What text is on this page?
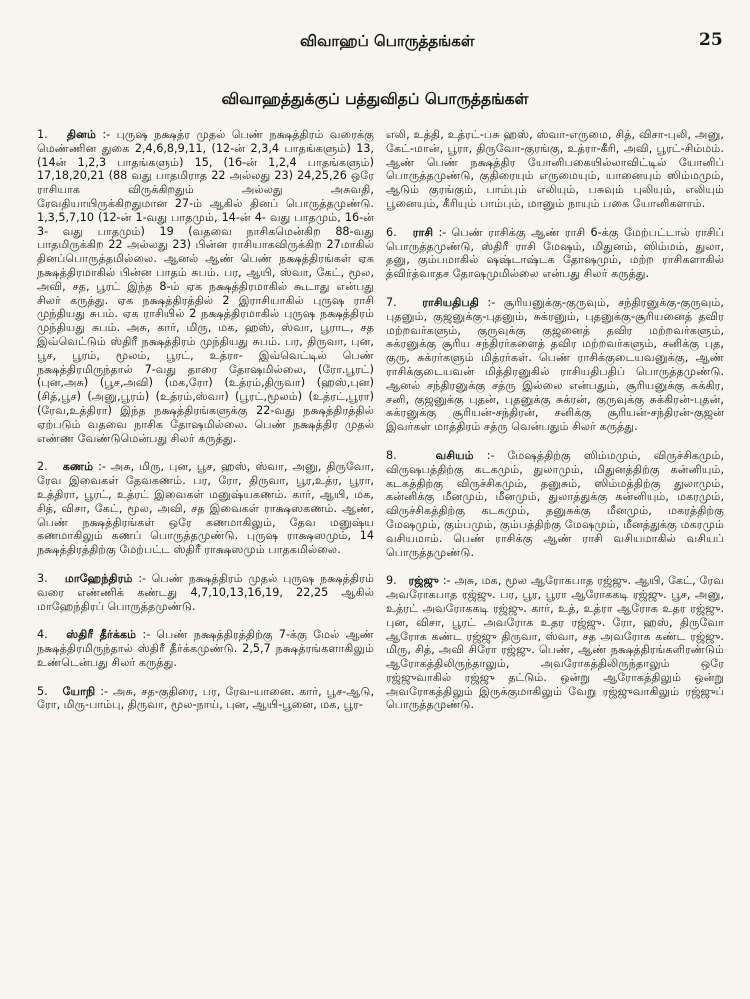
விவாஹப் பொருத்தங்கள்	25
விவாஹத்துக்குப் பத்துவிதப் பொருத்தங்கள்

1. தினம் :- புருஷ நக்ஷத்ர முதல் பெண் நக்ஷத்திரம் வரைக்கு மெண்ணின துகை 2,4,6,8,9,11, (12-ன் 2,3,4 பாதங்களும்) 13, (14ன் 1,2,3 பாதங்களும்) 15, (16-ன் 1,2,4 பாதங்களும்) 17,18,20,21 (88 வது பாதமிராத 22 அல்லது 23) 24,25,26 ஒரே ராசியாக விருக்கிறதும் அல்லது அசுவதி, ரேவதியாயிருக்கிறதுமான 27-ம் ஆகில் தினப் பொருத்தமுண்டு. 1,3,5,7,10 (12-ன் 1-வது பாதமும், 14-ன் 4- வது பாதமும், 16-ன் 3- வது பாதமும்) 19 (வதவை நாசிகமென்கிற 88-வது பாதமிருக்கிற 22 அல்லது 23) பின்ன ராசியாகவிருக்கிற 27மாகில் தினப்பொருத்தமில்லை. ஆனல் ஆண் பெண் நக்ஷத்திரங்கள் ஏக நக்ஷத்திரமாகில் பின்ன பாதம் சுபம். பர, ஆயி, ஸ்வா, கேட், மூல, அவி, சத, பூரட் இந்த 8-ம் ஏக நக்ஷத்திரமாகில் கூடாது என்பது சிலர் கருத்து. ஏக நக்ஷத்திரத்தில் 2 இராசியாகில் புருஷ ராசி முந்தியது சுபம். ஏக ராசியில் 2 நக்ஷத்திரமாகில் புருஷ நக்ஷத்திரம் முந்தியது சுபம். அசு, கார், மிரு, மக, ஹஸ், ஸ்வா, பூராட, சத இவ்வெட்டும் ஸ்திரீ நக்ஷத்திரம் முந்தியது சுபம். பர, திருவா, புன, பூச, பூரம், மூலம், பூரட், உத்ரா- இவ்வெட்டில் பெண் நக்ஷத்திரமிருந்தால் 7-வது தாரை தோஷமில்லை, (ரோ.பூரட்) (புன,அசு) (பூச,அவி) (மக,ரோ) (உத்ரம்,திருவா) (ஹஸ்,புன) (சித்,பூச) (அனு,பூரம்) (உத்ரம்,ஸ்வா) (பூரட்,மூலம்) (உத்ரட்,பூரா) (ரேவ,உத்திரா) இந்த நக்ஷத்திரங்களுக்கு 22-வது நக்ஷத்திரத்தில் ஏற்படும் வதவை நாசிக தோஷமில்லை. பெண் நக்ஷத்திர முதல் எண்ண வேண்டுமென்பது சிலர் கருத்து.

2. கணம் :- அசு, மிரு, புன, பூச, ஹஸ், ஸ்வா, அனு, திருவோ, ரேவ இவைகள் தேவகணம். பர, ரோ, திருவா, பூர,உத்ர, பூரா, உத்திரா, பூரட், உத்ரட் இவைகள் மனுஷ்யகணம். கார், ஆயி, மக, சித், விசா, கேட், மூல, அவி, சத இவைகள் ராக்ஷஸகணம். ஆண், பெண் நக்ஷத்திரங்கள் ஒரே கணமாகிலும், தேவ மனுஷ்ய கணமாகிலும் கணப் பொருத்தமுண்டு. புருஷ ராக்ஷஸமும், 14 நக்ஷத்திரத்திற்கு மேற்பட்ட ஸ்திரீ ராக்ஷஸமும் பாதகமில்லை.

3. மாஹேந்திரம் :- பெண் நக்ஷத்திரம் முதல் புருஷ நக்ஷத்திரம் வரை எண்ணிக் கண்டது 4,7,10,13,16,19, 22,25 ஆகில் மாஹேந்திரப் பொருத்தமுண்டு.

4. ஸ்திரீ தீர்க்கம் :- பெண் நக்ஷத்திரத்திற்கு 7-க்கு மேல் ஆண் நக்ஷத்திரமிருந்தால் ஸ்திரீ தீர்க்கமுண்டு. 2,5,7 நக்ஷத்ரங்களாகிலும் உண்டென்பது சிலர் கருத்து.

5. யோநி :- அசு, சத-குதிரை, பர, ரேவ-யானை. கார், பூச-ஆடு, ரோ, மிரு-பாம்பு, திருவா, மூல-நாய், புன, ஆயி-பூனை, மக, பூர-

எலி, உத்தி, உத்ரட்-பசு ஹஸ், ஸ்வா-எருமை, சித், விசா-புலி, அனு, கேட்-மான், பூரா, திருவோ-குரங்கு, உத்ரா-கீரி, அவி, பூரட்-சிம்மம். ஆண் பெண் நக்ஷத்திர யோனிபகையில்லாவிட்டில் யோனிப் பொருத்தமுண்டு, குதிரையும் எருமையும், யானையும் ஸிம்மமும், ஆடும் குரங்கும், பாம்பும் எலியும், பசுவும் புலியும், எலியும் பூனையும், கீரியும் பாம்பும், மானும் நாயும் பகை யோனிகளாம்.

6. ராசி :- பெண் ராசிக்கு ஆண் ராசி 6-க்கு மேற்பட்டால் ராசிப் பொருத்தமுண்டு, ஸ்திரீ ராசி மேஷம், மிதுனம், ஸிம்மம், துலா, தனு, கும்பமாகில் ஷஷ்டாஷ்டக தோஷமும், மற்ற ராசிகளாகில் த்விர்த்வாதச தோஷமுமில்லை என்பது சிலர் கருத்து.

7. ராசியதிபதி :- சூரியனுக்கு-குருவும், சந்திரனுக்கு-குருவும், புதனும், குஜனுக்கு-புதனும், சுக்ரனும், புதனுக்கு-சூரியனைத் தவிர மற்றவர்களும், குருவுக்கு குஜனைத் தவிர மற்றவர்களும், சுக்ரனுக்கு சூரிய சந்திரர்களைத் தவிர மற்றவர்களும், சனிக்கு புத, குரு, சுக்ரர்களும் மித்ரர்கள். பெண் ராசிக்குடையவனுக்கு, ஆண் ராசிக்குடையவன் மித்திரனுகில் ராசியதிபதிப் பொருத்தமுண்டு. ஆனல் சந்திரனுக்கு சத்ரு இல்லை என்பதும், சூரியனுக்கு சுக்கிர, சனி, குஜனுக்கு புதன், புதனுக்கு சுக்ரன், குருவுக்கு சுக்கிரன்-புதன், சுக்ரனுக்கு சூரியன்-சந்திரன், சனிக்கு சூரியன்-சந்திரன்-குஜன் இவர்கள் மாத்திரம் சத்ரு வென்பதும் சிலர் கருத்து.

8.	வசியம் :- மேஷத்திற்கு ஸிம்மமும், விருச்சிகமும், விருஷபத்திற்கு கடகமும், துலாமும், மிதுனத்திற்கு கன்னியும், கடகத்திற்கு விருச்சிகமும், தனுசும், ஸிம்மத்திற்கு துலாமும், கன்னிக்கு மீனமும், மீனமும், துலாத்துக்கு கன்னியும், மகரமும், விருச்சிகத்திற்கு கடகமும், தனுசுக்கு மீனமும், மகரத்திற்கு மேஷமும், கும்பமும், கும்பத்திற்கு மேஷமும், மீனத்துக்கு மகரமும் வசியமாம். பெண் ராசிக்கு ஆண் ராசி வசியமாகில் வசியப் பொருத்தமுண்டு.

9. ரஜ்ஜு :- அசு, மக, மூல ஆரோகபாத ரஜ்ஜு. ஆயி, கேட், ரேவ அவரோகபாத ரஜ்ஜு. பர, பூர, பூரா ஆரோககடி ரஜ்ஜு. பூச, அனு, உத்ரட் அவரோககடி ரஜ்ஜு. கார், உத், உத்ரா ஆரோக உதர ரஜ்ஜு. புன, விசா, பூரட் அவரோக உதர ரஜ்ஜு. ரோ, ஹஸ், திருவோ ஆரோக கண்ட ரஜ்ஜு திருவா, ஸ்வா, சத அவரோக கண்ட ரஜ்ஜு. மிரு, சித், அவி சிரோ ரஜ்ஜு. பெண், ஆண் நக்ஷத்திரங்களிரண்டும் ஆரோகத்திலிருந்தாலும், அவரோகத்திலிருந்தாலும் ஒரே ரஜ்ஜுவாகில் ரஜ்ஜு தட்டும். ஒன்று ஆரோகத்திலும் ஒன்று அவரோகத்திலும் இருக்குமாகிலும் வேறு ரஜ்ஜுவாகிலும் ரஜ்ஜுப் பொருத்தமுண்டு.
